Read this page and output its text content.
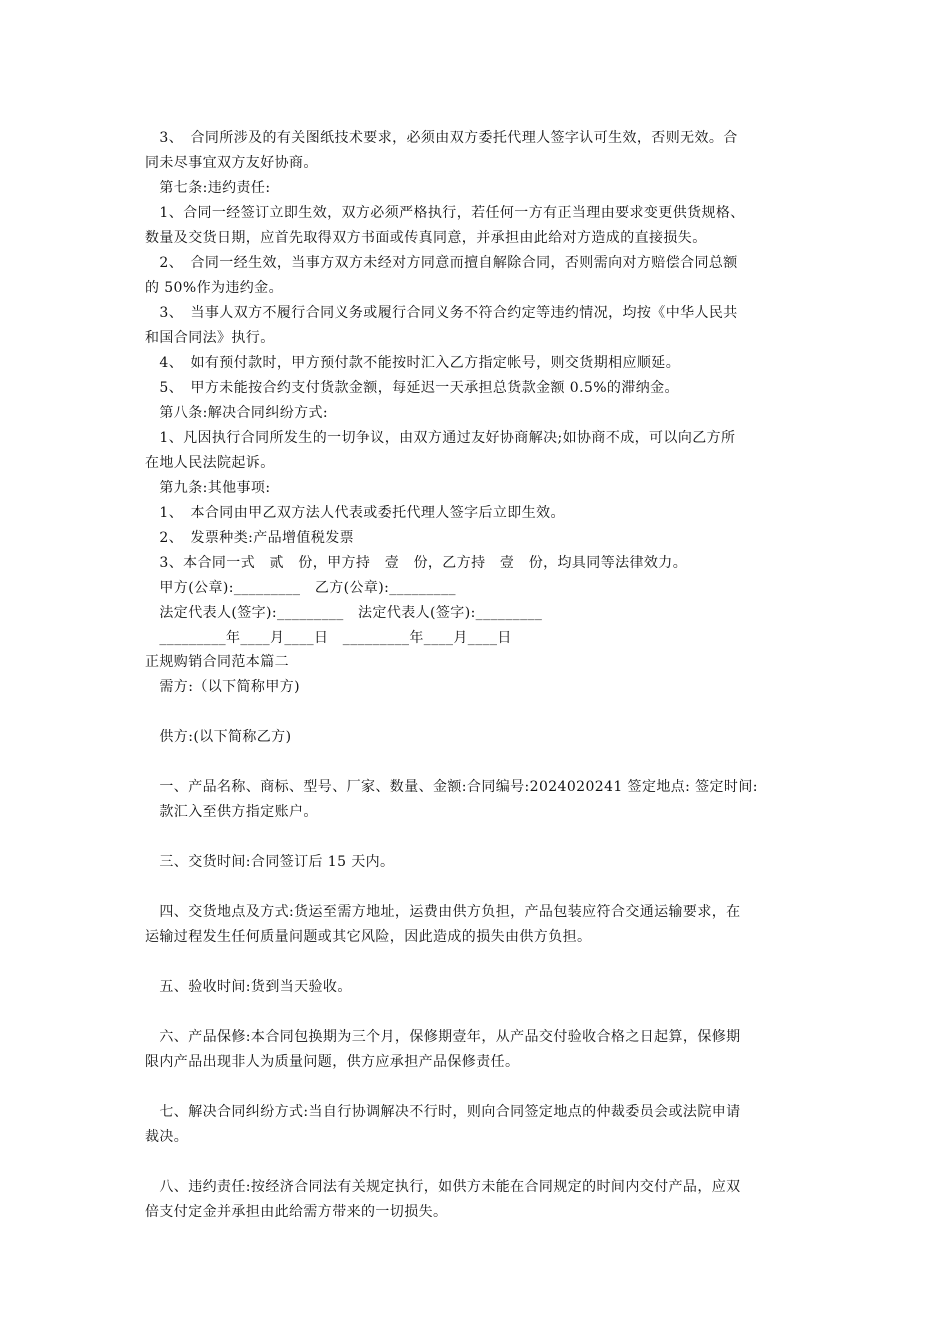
　3、　合同所涉及的有关图纸技术要求，必须由双方委托代理人签字认可生效，否则无效。合
同未尽事宜双方友好协商。
　第七条:违约责任:
　1、合同一经签订立即生效，双方必须严格执行，若任何一方有正当理由要求变更供货规格、
数量及交货日期，应首先取得双方书面或传真同意，并承担由此给对方造成的直接损失。
　2、　合同一经生效，当事方双方未经对方同意而擅自解除合同，否则需向对方赔偿合同总额
的 50%作为违约金。
　3、　当事人双方不履行合同义务或履行合同义务不符合约定等违约情况，均按《中华人民共
和国合同法》执行。
　4、　如有预付款时，甲方预付款不能按时汇入乙方指定帐号，则交货期相应顺延。
　5、　甲方未能按合约支付货款金额，每延迟一天承担总货款金额 0.5%的滞纳金。
　第八条:解决合同纠纷方式:
　1、凡因执行合同所发生的一切争议，由双方通过友好协商解决;如协商不成，可以向乙方所
在地人民法院起诉。
　第九条:其他事项:
　1、　本合同由甲乙双方法人代表或委托代理人签字后立即生效。
　2、　发票种类:产品增值税发票
　3、本合同一式　贰　份，甲方持　壹　份，乙方持　壹　份，均具同等法律效力。
　甲方(公章):_________　乙方(公章):_________
　法定代表人(签字):_________　法定代表人(签字):_________
　_________年____月____日　_________年____月____日
正规购销合同范本篇二
　需方:（以下简称甲方)
　供方:(以下简称乙方)
　一、产品名称、商标、型号、厂家、数量、金额:合同编号:2024020241 签定地点: 签定时间:
　款汇入至供方指定账户。
　三、交货时间:合同签订后 15 天内。
　四、交货地点及方式:货运至需方地址，运费由供方负担，产品包装应符合交通运输要求，在
运输过程发生任何质量问题或其它风险，因此造成的损失由供方负担。
　五、验收时间:货到当天验收。
　六、产品保修:本合同包换期为三个月，保修期壹年，从产品交付验收合格之日起算，保修期
限内产品出现非人为质量问题，供方应承担产品保修责任。
　七、解决合同纠纷方式:当自行协调解决不行时，则向合同签定地点的仲裁委员会或法院申请
裁决。
　八、违约责任:按经济合同法有关规定执行，如供方未能在合同规定的时间内交付产品，应双
倍支付定金并承担由此给需方带来的一切损失。
